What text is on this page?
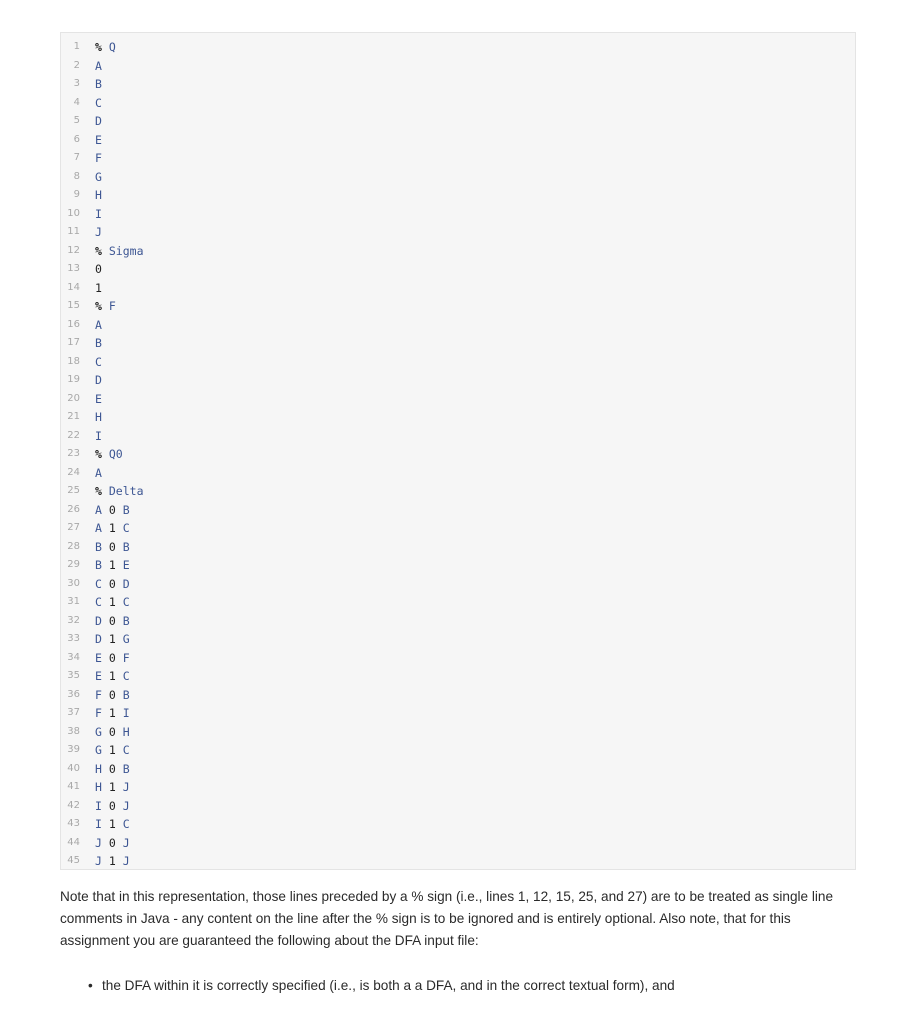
1 % Q
2 A
3 B
4 C
5 D
6 E
7 F
8 G
9 H
10 I
11 J
12 % Sigma
13 0
14 1
15 % F
16 A
17 B
18 C
19 D
20 E
21 H
22 I
23 % Q0
24 A
25 % Delta
26 A 0 B
27 A 1 C
28 B 0 B
29 B 1 E
30 C 0 D
31 C 1 C
32 D 0 B
33 D 1 G
34 E 0 F
35 E 1 C
36 F 0 B
37 F 1 I
38 G 0 H
39 G 1 C
40 H 0 B
41 H 1 J
42 I 0 J
43 I 1 C
44 J 0 J
45 J 1 J

Note that in this representation, those lines preceded by a % sign (i.e., lines 1, 12, 15, 25, and 27) are to be treated as single line comments in Java - any content on the line after the % sign is to be ignored and is entirely optional. Also note, that for this assignment you are guaranteed the following about the DFA input file:

• the DFA within it is correctly specified (i.e., is both a a DFA, and in the correct textual form), and
